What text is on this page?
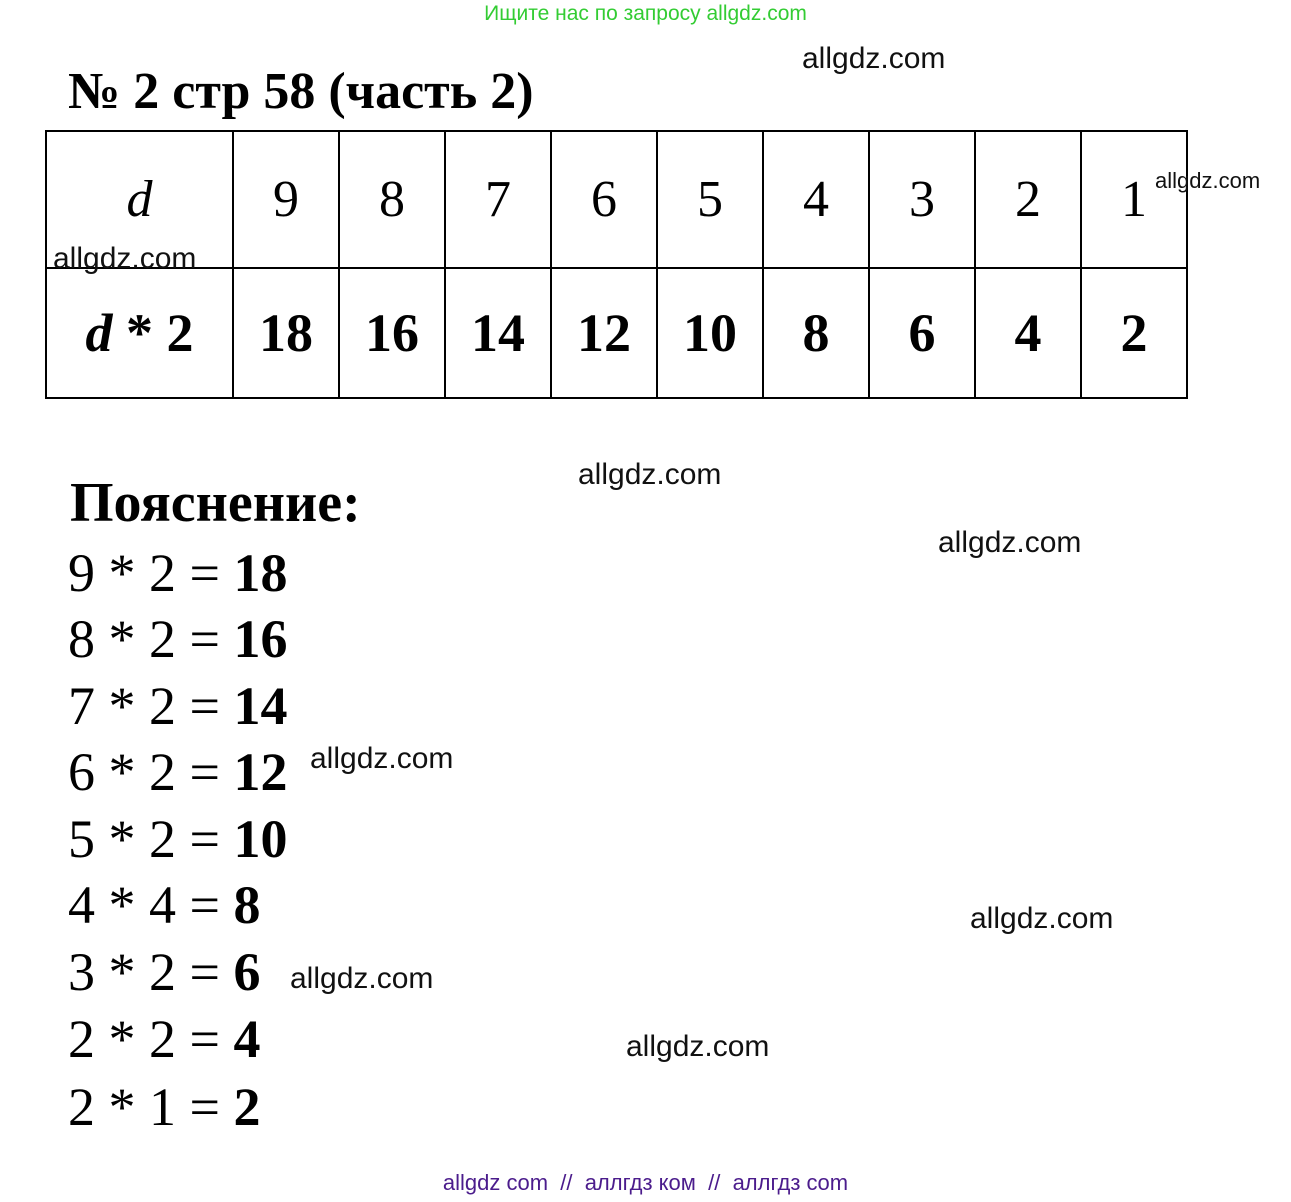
Ищите нас по запросу allgdz.com
№ 2 стр 58 (часть 2)
d	9	8	7	6	5	4	3	2	1
d * 2	18	16	14	12	10	8	6	4	2
Пояснение:
9 * 2 = 18
8 * 2 = 16
7 * 2 = 14
6 * 2 = 12
5 * 2 = 10
4 * 4 = 8
3 * 2 = 6
2 * 2 = 4
2 * 1 = 2
allgdz.com
allgdz.com
allgdz.com
allgdz.com
allgdz.com
allgdz.com
allgdz.com
allgdz.com
allgdz.com
allgdz com  //  аллгдз ком  //  аллгдз com
